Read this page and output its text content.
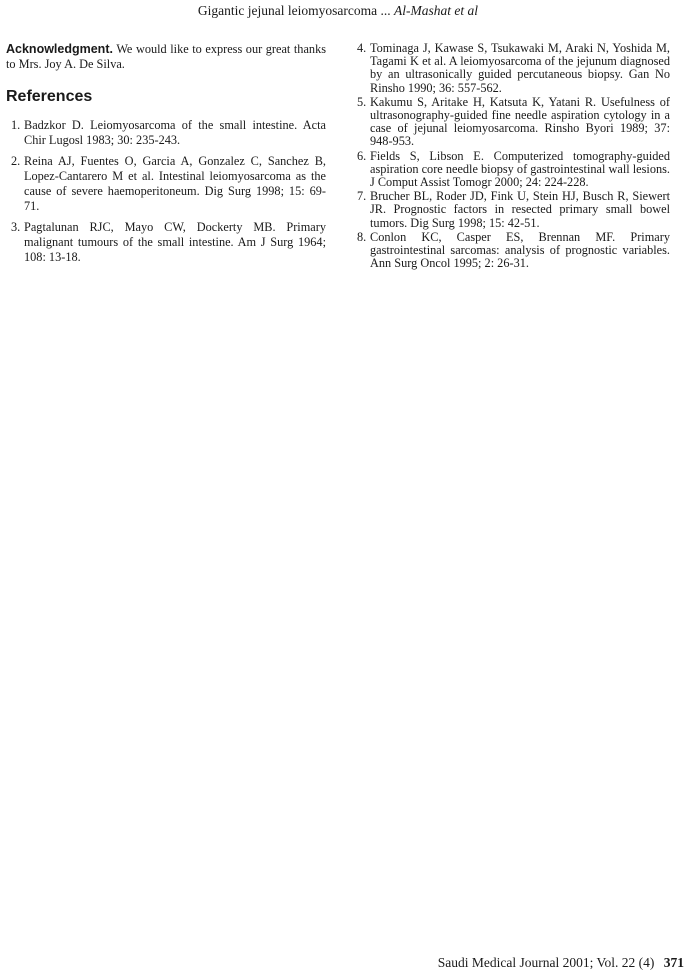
Gigantic jejunal leiomyosarcoma ... Al-Mashat et al

Acknowledgment. We would like to express our great thanks to Mrs. Joy A. De Silva.

References
1. Badzkor D. Leiomyosarcoma of the small intestine. Acta Chir Lugosl 1983; 30: 235-243.
2. Reina AJ, Fuentes O, Garcia A, Gonzalez C, Sanchez B, Lopez-Cantarero M et al. Intestinal leiomyosarcoma as the cause of severe haemoperitoneum. Dig Surg 1998; 15: 69-71.
3. Pagtalunan RJC, Mayo CW, Dockerty MB. Primary malignant tumours of the small intestine. Am J Surg 1964; 108: 13-18.
4. Tominaga J, Kawase S, Tsukawaki M, Araki N, Yoshida M, Tagami K et al. A leiomyosarcoma of the jejunum diagnosed by an ultrasonically guided percutaneous biopsy. Gan No Rinsho 1990; 36: 557-562.
5. Kakumu S, Aritake H, Katsuta K, Yatani R. Usefulness of ultrasonography-guided fine needle aspiration cytology in a case of jejunal leiomyosarcoma. Rinsho Byori 1989; 37: 948-953.
6. Fields S, Libson E. Computerized tomography-guided aspiration core needle biopsy of gastrointestinal wall lesions. J Comput Assist Tomogr 2000; 24: 224-228.
7. Brucher BL, Roder JD, Fink U, Stein HJ, Busch R, Siewert JR. Prognostic factors in resected primary small bowel tumors. Dig Surg 1998; 15: 42-51.
8. Conlon KC, Casper ES, Brennan MF. Primary gastrointestinal sarcomas: analysis of prognostic variables. Ann Surg Oncol 1995; 2: 26-31.
Saudi Medical Journal 2001; Vol. 22 (4) 371
